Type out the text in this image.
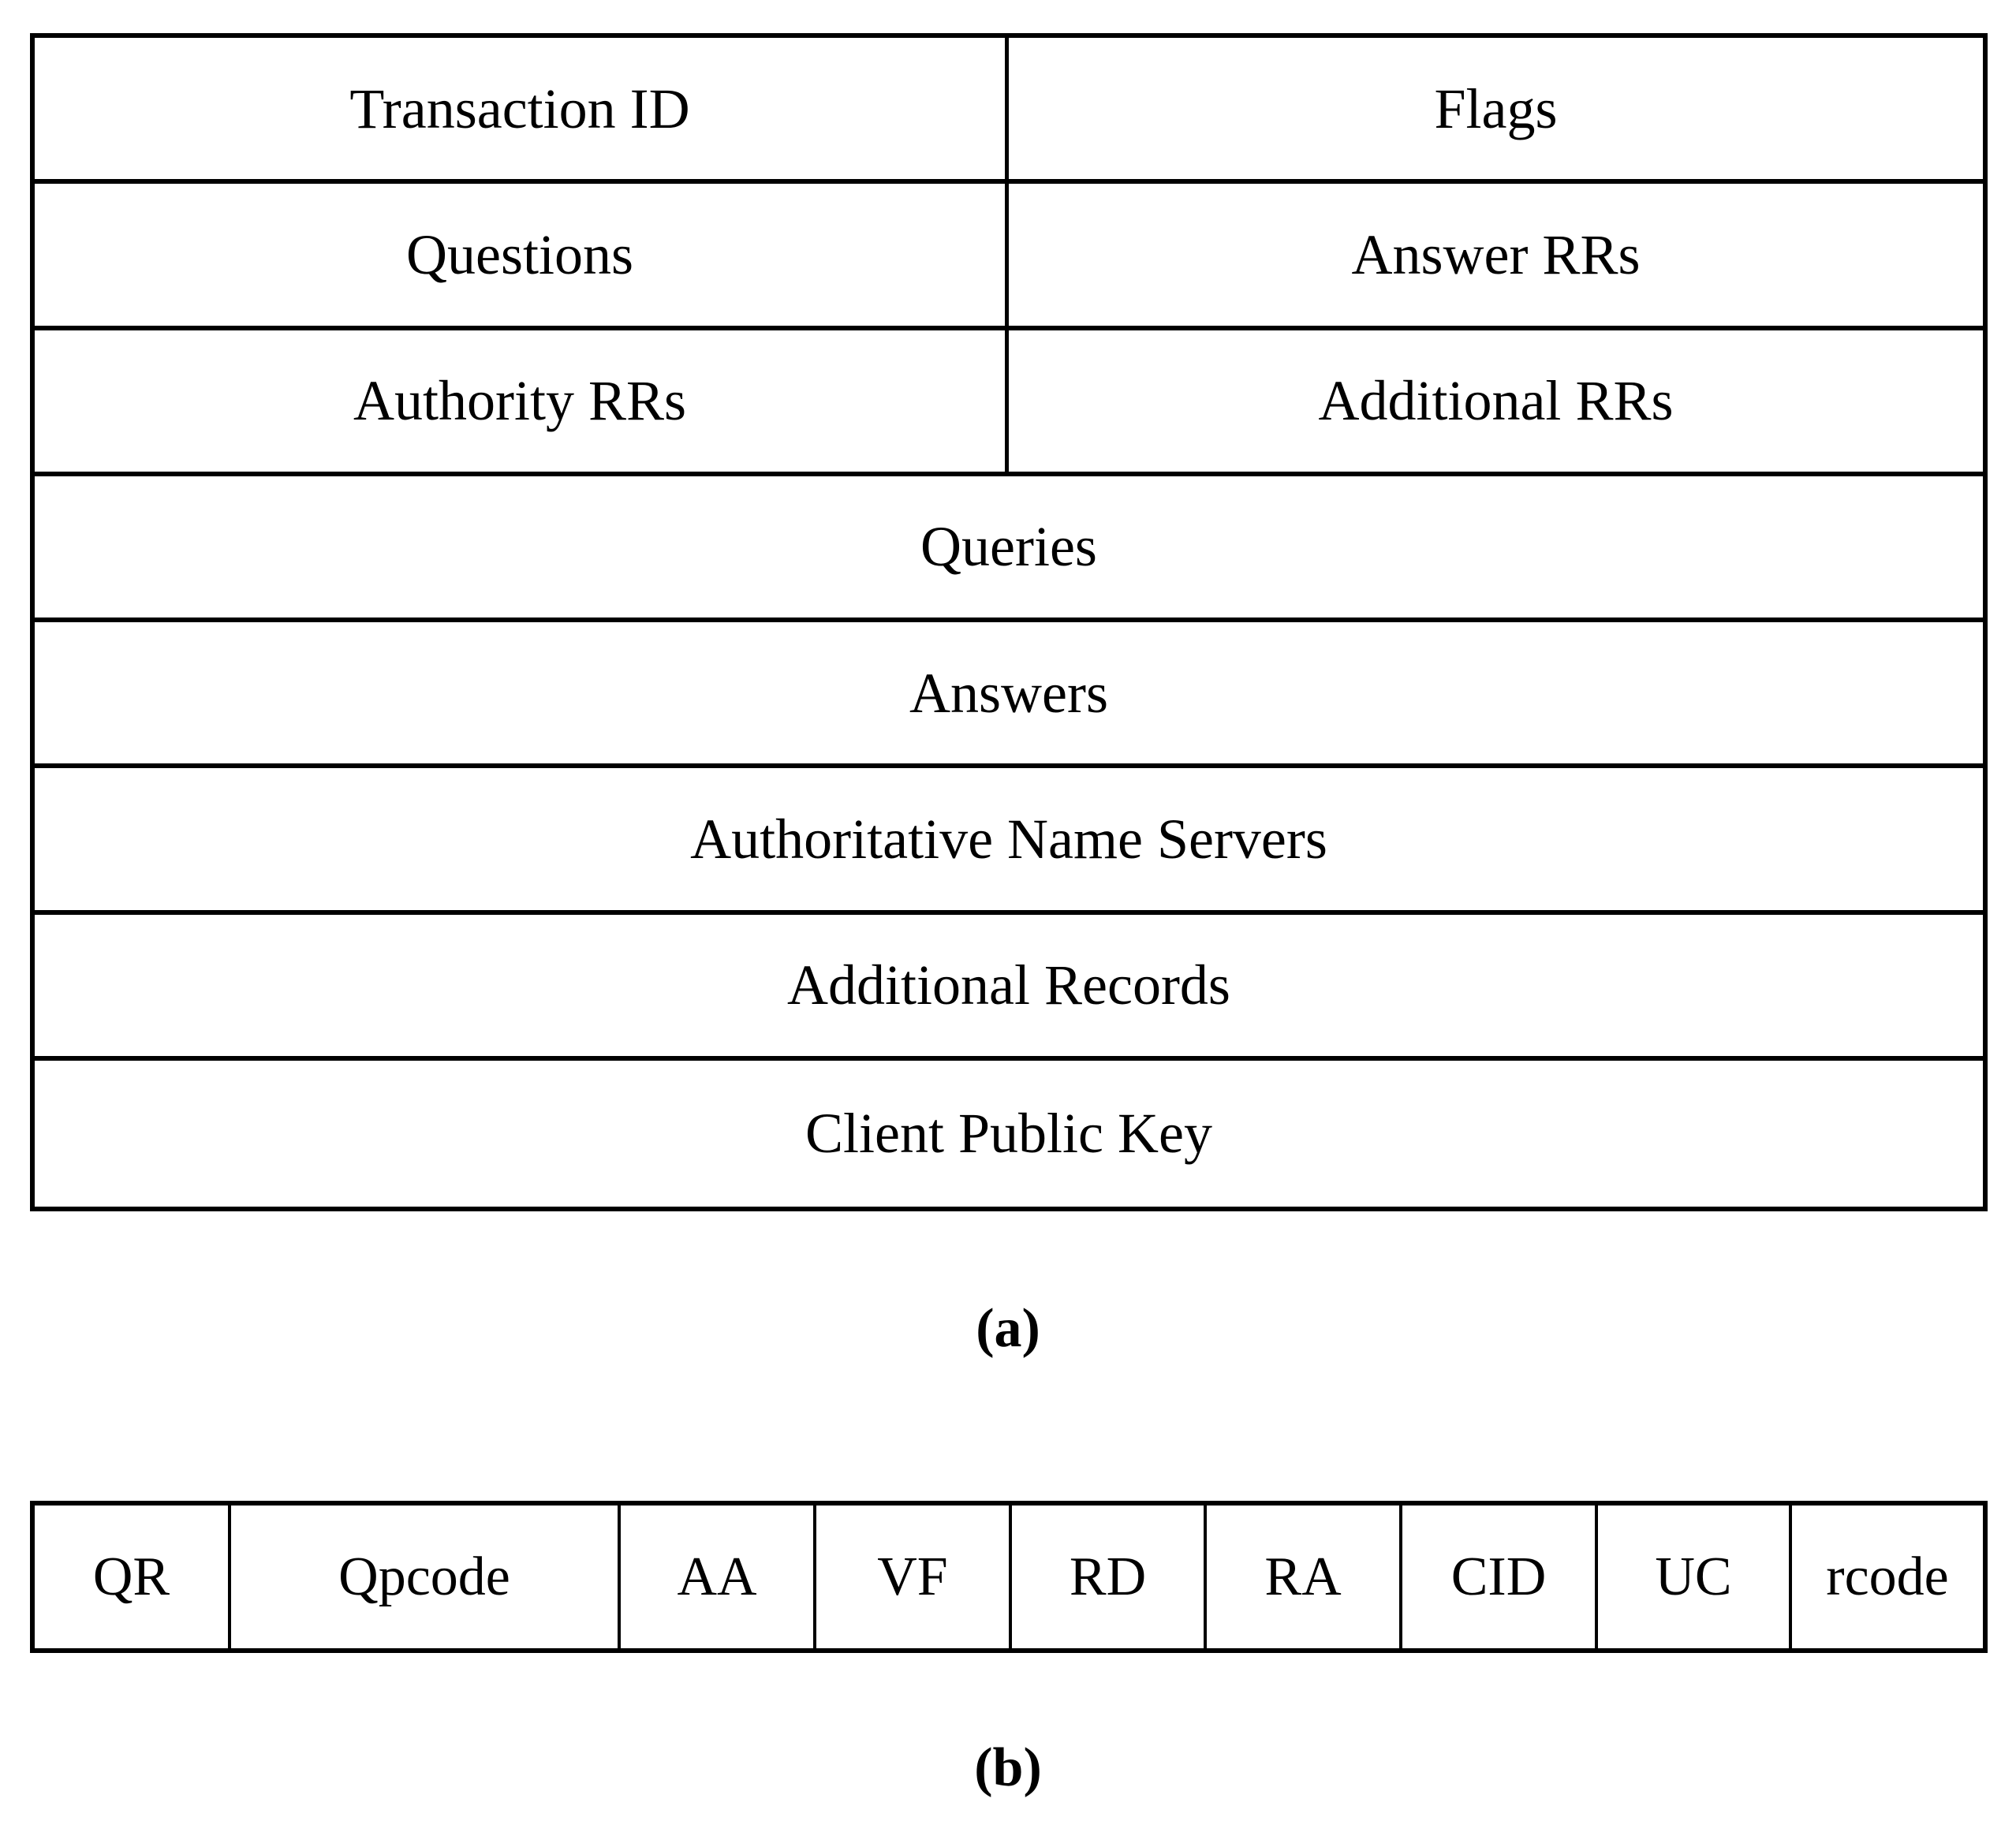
Transaction ID	Flags
Questions	Answer RRs
Authority RRs	Additional RRs
Queries
Answers
Authoritative Name Servers
Additional Records
Client Public Key
(a)
QR	Qpcode	AA	VF	RD	RA	CID	UC	rcode
(b)
